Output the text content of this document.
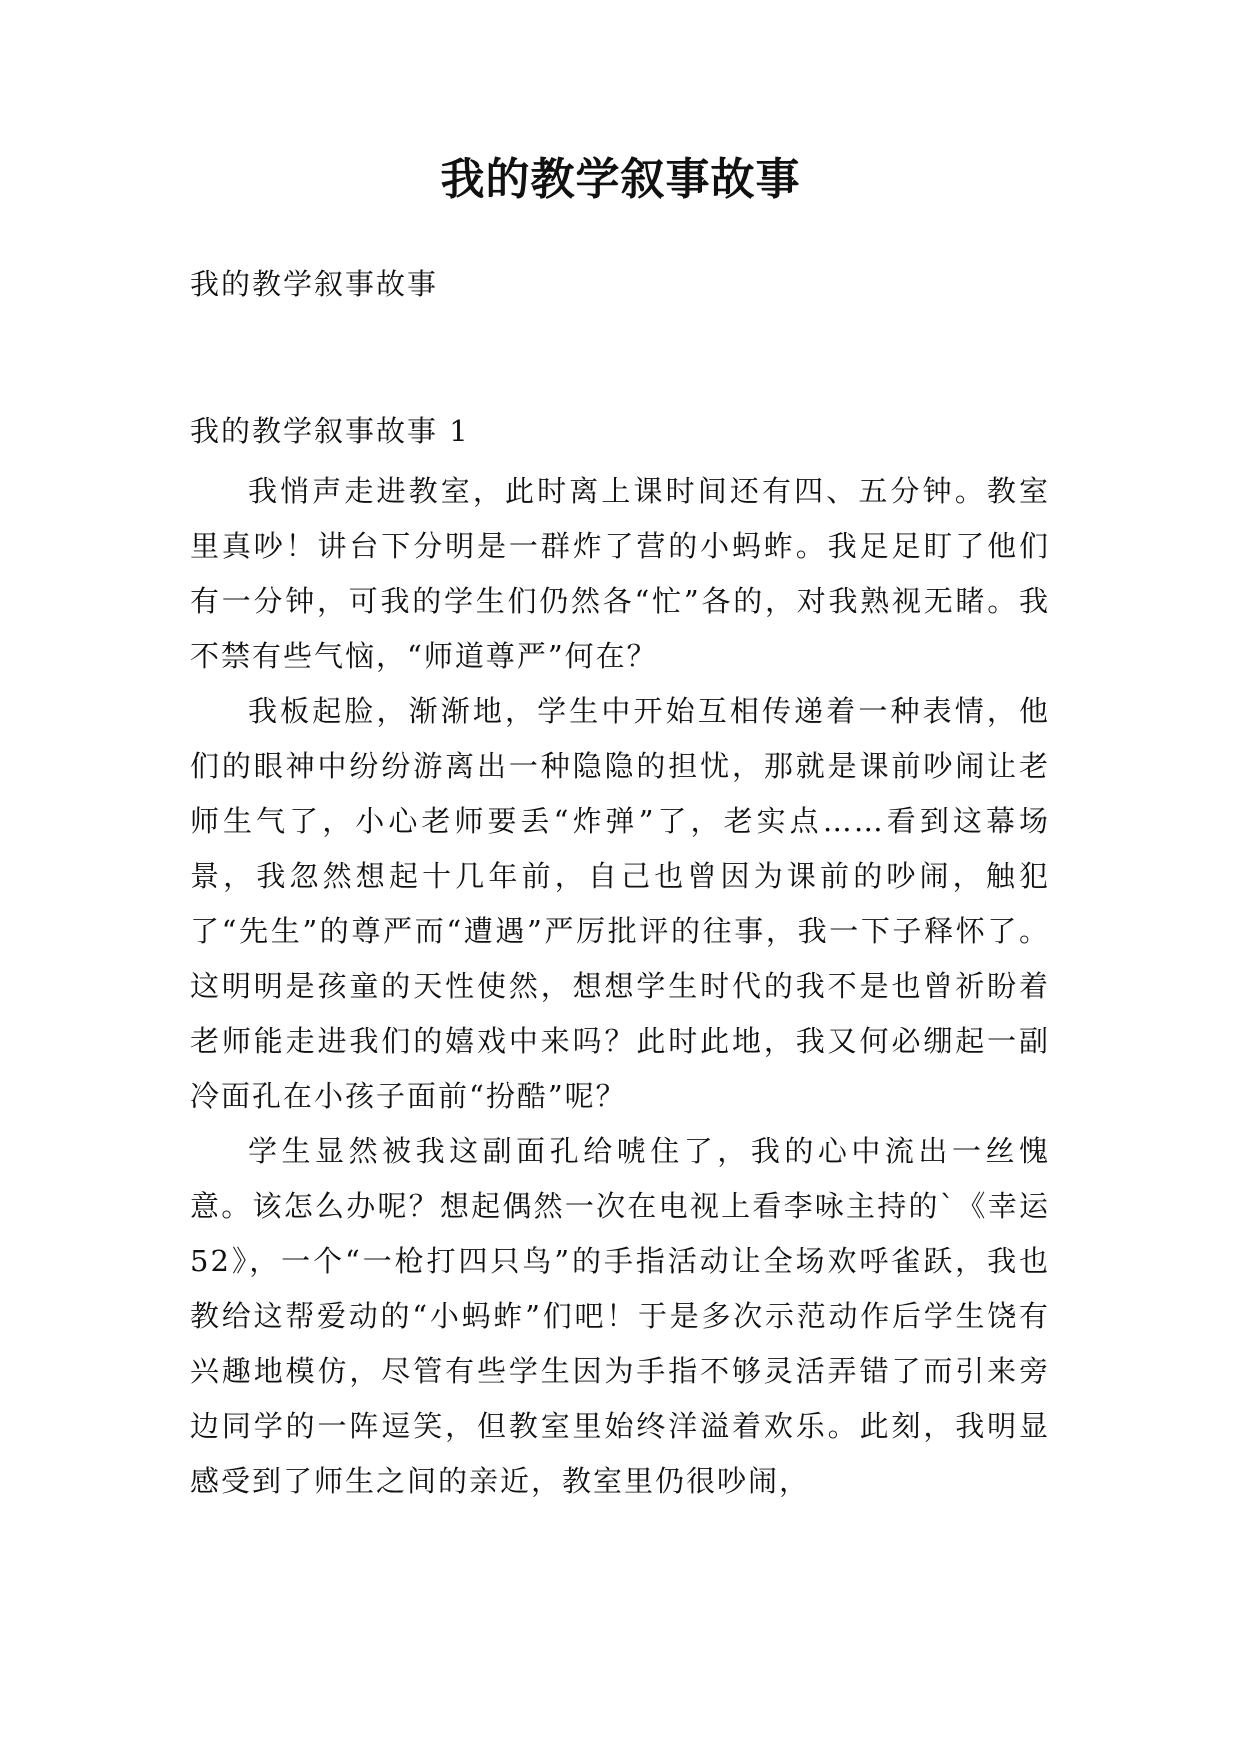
我的教学叙事故事
我的教学叙事故事
我的教学叙事故事 1

我悄声走进教室，此时离上课时间还有四、五分钟。教室里真吵！讲台下分明是一群炸了营的小蚂蚱。我足足盯了他们有一分钟，可我的学生们仍然各“忙”各的，对我熟视无睹。我不禁有些气恼，“师道尊严”何在？

我板起脸，渐渐地，学生中开始互相传递着一种表情，他们的眼神中纷纷游离出一种隐隐的担忧，那就是课前吵闹让老师生气了，小心老师要丢“炸弹”了，老实点……看到这幕场景，我忽然想起十几年前，自己也曾因为课前的吵闹，触犯了“先生”的尊严而“遭遇”严厉批评的往事，我一下子释怀了。这明明是孩童的天性使然，想想学生时代的我不是也曾祈盼着老师能走进我们的嬉戏中来吗？此时此地，我又何必绷起一副冷面孔在小孩子面前“扮酷”呢？

学生显然被我这副面孔给唬住了，我的心中流出一丝愧意。该怎么办呢？想起偶然一次在电视上看李咏主持的`《幸运 52》，一个“一枪打四只鸟”的手指活动让全场欢呼雀跃，我也教给这帮爱动的“小蚂蚱”们吧！于是多次示范动作后学生饶有兴趣地模仿，尽管有些学生因为手指不够灵活弄错了而引来旁边同学的一阵逗笑，但教室里始终洋溢着欢乐。此刻，我明显感受到了师生之间的亲近，教室里仍很吵闹，
